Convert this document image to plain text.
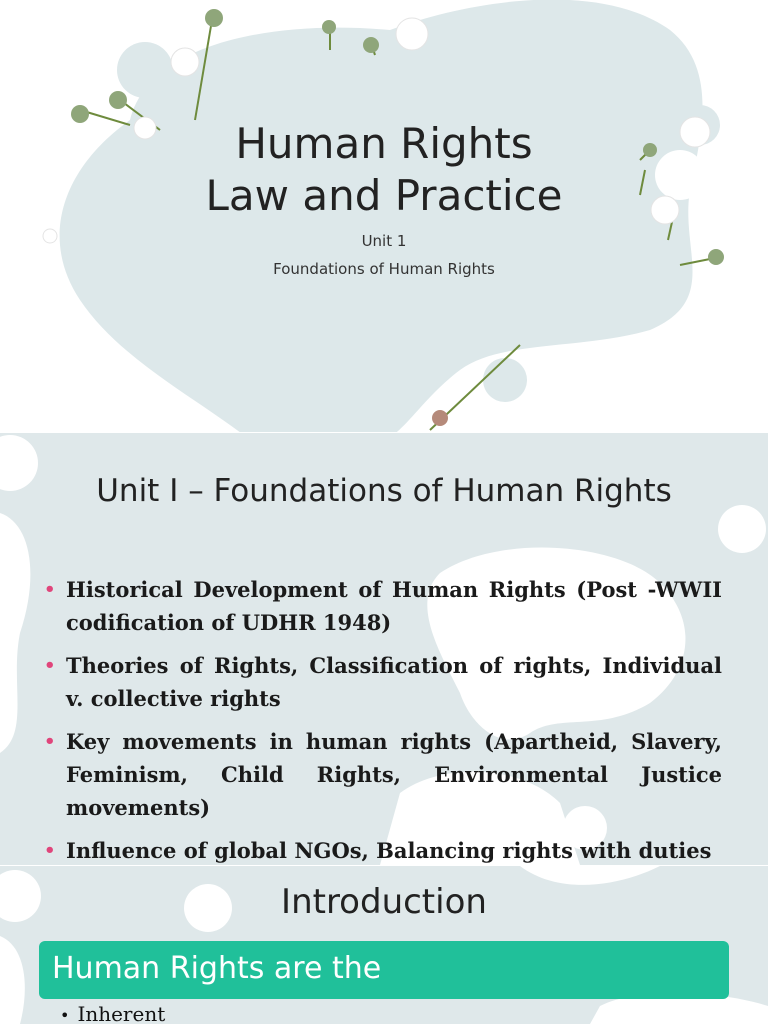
Human Rights
Law and Practice
Unit 1
Foundations of Human Rights
Unit I – Foundations of Human Rights
• Historical Development of Human Rights (Post -WWII codification of UDHR 1948)
• Theories of Rights, Classification of rights, Individual v. collective rights
• Key movements in human rights (Apartheid, Slavery, Feminism, Child Rights, Environmental Justice movements)
• Influence of global NGOs, Balancing rights with duties
Introduction
Human Rights are the
• Inherent
